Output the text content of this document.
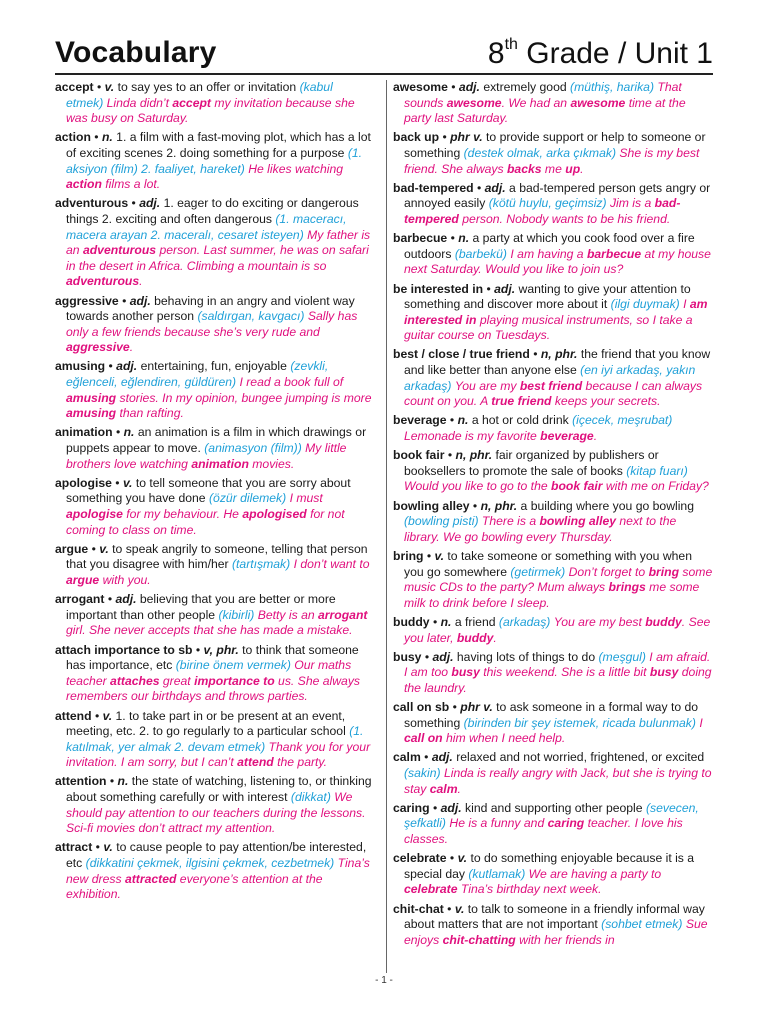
Vocabulary	8th Grade / Unit 1

accept • v. to say yes to an offer or invitation (kabul etmek) Linda didn’t accept my invitation because she was busy on Saturday.

action • n. 1. a film with a fast-moving plot, which has a lot of exciting scenes 2. doing something for a purpose (1. aksiyon (film) 2. faaliyet, hareket) He likes watching action films a lot.

adventurous • adj. 1. eager to do exciting or dangerous things 2. exciting and often dangerous (1. maceracı, macera arayan 2. maceralı, cesaret isteyen) My father is an adventurous person. Last summer, he was on safari in the desert in Africa. Climbing a mountain is so adventurous.

aggressive • adj. behaving in an angry and violent way towards another person (saldırgan, kavgacı) Sally has only a few friends because she’s very rude and aggressive.

amusing • adj. entertaining, fun, enjoyable (zevkli, eğlenceli, eğlendiren, güldüren) I read a book full of amusing stories. In my opinion, bungee jumping is more amusing than rafting.

animation • n. an animation is a film in which drawings or puppets appear to move. (animasyon (film)) My little brothers love watching animation movies.

apologise • v. to tell someone that you are sorry about something you have done (özür dilemek) I must apologise for my behaviour. He apologised for not coming to class on time.

argue • v. to speak angrily to someone, telling that person that you disagree with him/her (tartışmak) I don’t want to argue with you.

arrogant • adj. believing that you are better or more important than other people (kibirli) Betty is an arrogant girl. She never accepts that she has made a mistake.

attach importance to sb • v, phr. to think that someone has importance, etc (birine önem vermek) Our maths teacher attaches great importance to us. She always remembers our birthdays and throws parties.

attend • v. 1. to take part in or be present at an event, meeting, etc. 2. to go regularly to a particular school (1. katılmak, yer almak 2. devam etmek) Thank you for your invitation. I am sorry, but I can’t attend the party.

attention • n. the state of watching, listening to, or thinking about something carefully or with interest (dikkat) We should pay attention to our teachers during the lessons. Sci-fi movies don’t attract my attention.

attract • v. to cause people to pay attention/be interested, etc (dikkatini çekmek, ilgisini çekmek, cezbetmek) Tina’s new dress attracted everyone’s attention at the exhibition.

awesome • adj. extremely good (müthiş, harika) That sounds awesome. We had an awesome time at the party last Saturday.

back up • phr v. to provide support or help to someone or something (destek olmak, arka çıkmak) She is my best friend. She always backs me up.

bad-tempered • adj. a bad-tempered person gets angry or annoyed easily (kötü huylu, geçimsiz) Jim is a bad-tempered person. Nobody wants to be his friend.

barbecue • n. a party at which you cook food over a fire outdoors (barbekü) I am having a barbecue at my house next Saturday. Would you like to join us?

be interested in • adj. wanting to give your attention to something and discover more about it (ilgi duymak) I am interested in playing musical instruments, so I take a guitar course on Tuesdays.

best / close / true friend • n, phr. the friend that you know and like better than anyone else (en iyi arkadaş, yakın arkadaş) You are my best friend because I can always count on you. A true friend keeps your secrets.

beverage • n. a hot or cold drink (içecek, meşrubat) Lemonade is my favorite beverage.

book fair • n, phr. fair organized by publishers or booksellers to promote the sale of books (kitap fuarı) Would you like to go to the book fair with me on Friday?

bowling alley • n, phr. a building where you go bowling (bowling pisti) There is a bowling alley next to the library. We go bowling every Thursday.

bring • v. to take someone or something with you when you go somewhere (getirmek) Don’t forget to bring some music CDs to the party? Mum always brings me some milk to drink before I sleep.

buddy • n. a friend (arkadaş) You are my best buddy. See you later, buddy.

busy • adj. having lots of things to do (meşgul) I am afraid. I am too busy this weekend. She is a little bit busy doing the laundry.

call on sb • phr v. to ask someone in a formal way to do something (birinden bir şey istemek, ricada bulunmak) I call on him when I need help.

calm • adj. relaxed and not worried, frightened, or excited (sakin) Linda is really angry with Jack, but she is trying to stay calm.

caring • adj. kind and supporting other people (sevecen, şefkatli) He is a funny and caring teacher. I love his classes.

celebrate • v. to do something enjoyable because it is a special day (kutlamak) We are having a party to celebrate Tina’s birthday next week.

chit-chat • v. to talk to someone in a friendly informal way about matters that are not important (sohbet etmek) Sue enjoys chit-chatting with her friends in

- 1 -
